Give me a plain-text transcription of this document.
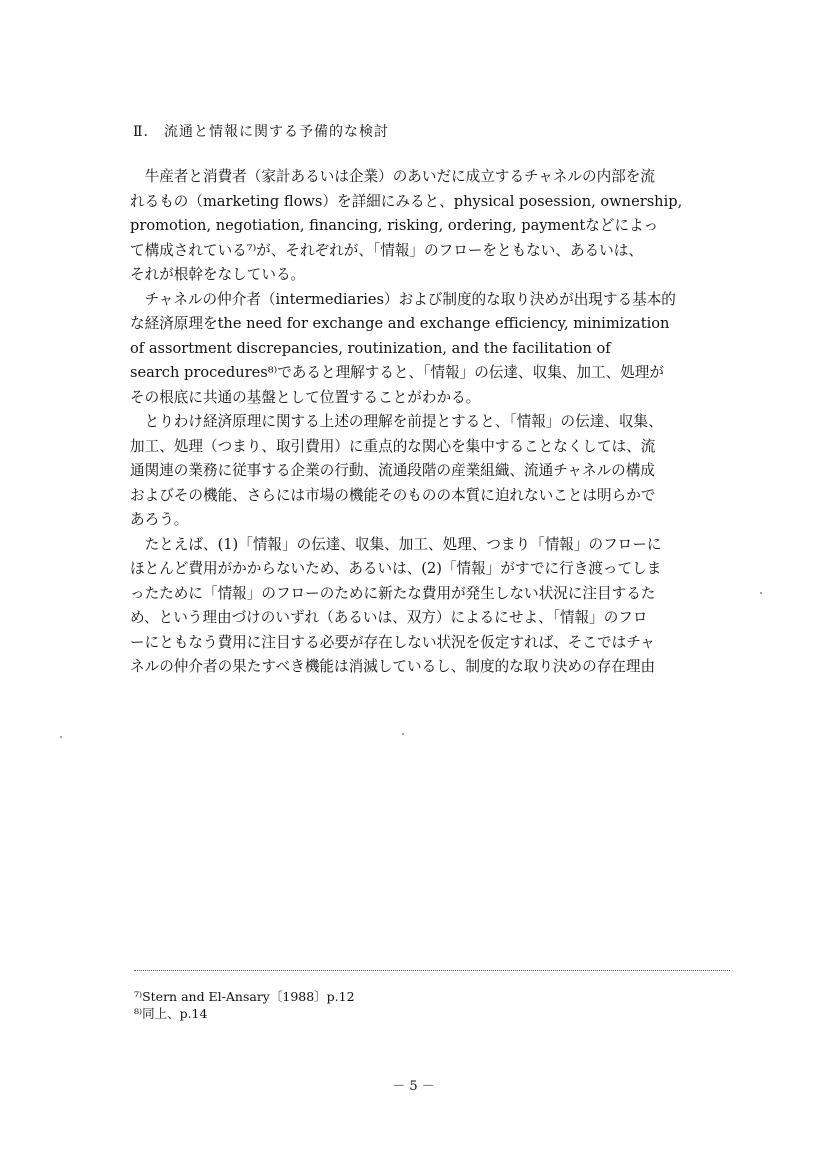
Ⅱ.　流通と情報に関する予備的な検討
　牛産者と消費者（家計あるいは企業）のあいだに成立するチャネルの内部を流
れるもの（marketing flows）を詳細にみると、physical posession, ownership,
promotion, negotiation, financing, risking, ordering, paymentなどによっ
て構成されている⁷⁾が、それぞれが、「情報」のフローをともない、あるいは、
それが根幹をなしている。
　チャネルの仲介者（intermediaries）および制度的な取り決めが出現する基本的
な経済原理をthe need for exchange and exchange efficiency, minimization
of assortment discrepancies, routinization, and the facilitation of
search procedures⁸⁾であると理解すると、「情報」の伝達、収集、加工、処理が
その根底に共通の基盤として位置することがわかる。
　とりわけ経済原理に関する上述の理解を前提とすると、「情報」の伝達、収集、
加工、処理（つまり、取引費用）に重点的な関心を集中することなくしては、流
通関連の業務に従事する企業の行動、流通段階の産業組織、流通チャネルの構成
およびその機能、さらには市場の機能そのものの本質に迫れないことは明らかで
あろう。
　たとえば、(1)「情報」の伝達、収集、加工、処理、つまり「情報」のフローに
ほとんど費用がかからないため、あるいは、(2)「情報」がすでに行き渡ってしま
ったために「情報」のフローのために新たな費用が発生しない状況に注目するた
め、という理由づけのいずれ（あるいは、双方）によるにせよ、「情報」のフロ
ーにともなう費用に注目する必要が存在しない状況を仮定すれば、そこではチャ
ネルの仲介者の果たすべき機能は消滅しているし、制度的な取り決めの存在理由
⁷⁾Stern and El-Ansary〔1988〕p.12
⁸⁾同上、p.14
－ 5 －
